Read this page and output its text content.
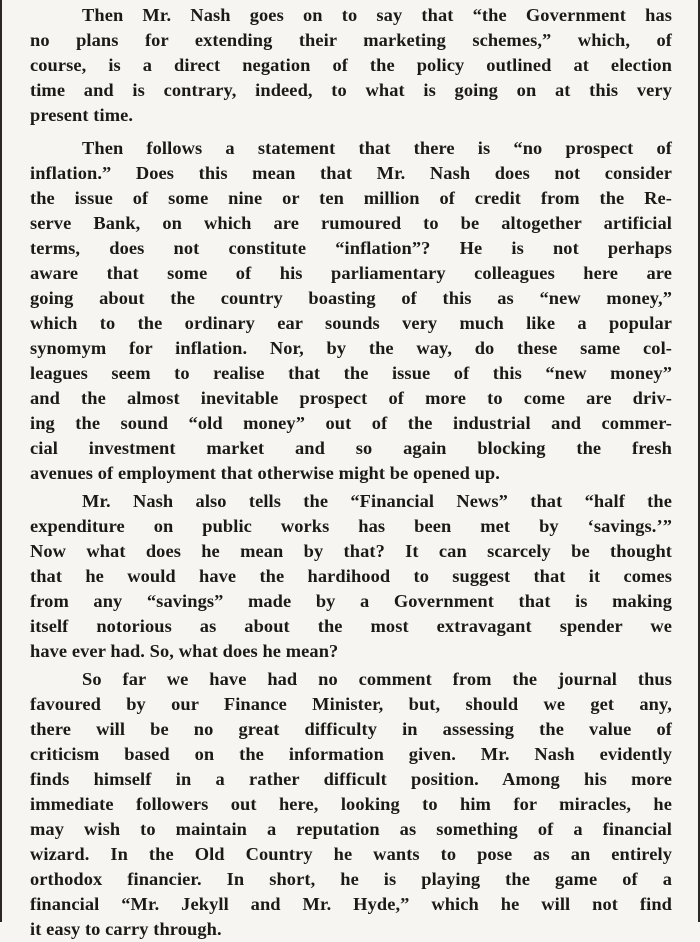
Then Mr. Nash goes on to say that “the Government has
no plans for extending their marketing schemes,” which, of
course, is a direct negation of the policy outlined at election
time and is contrary, indeed, to what is going on at this very
present time.

Then follows a statement that there is “no prospect of
inflation.” Does this mean that Mr. Nash does not consider
the issue of some nine or ten million of credit from the Re-
serve Bank, on which are rumoured to be altogether artificial
terms, does not constitute “inflation”? He is not perhaps
aware that some of his parliamentary colleagues here are
going about the country boasting of this as “new money,”
which to the ordinary ear sounds very much like a popular
synomym for inflation. Nor, by the way, do these same col-
leagues seem to realise that the issue of this “new money”
and the almost inevitable prospect of more to come are driv-
ing the sound “old money” out of the industrial and commer-
cial investment market and so again blocking the fresh
avenues of employment that otherwise might be opened up.

Mr. Nash also tells the “Financial News” that “half the
expenditure on public works has been met by ‘savings.’”
Now what does he mean by that? It can scarcely be thought
that he would have the hardihood to suggest that it comes
from any “savings” made by a Government that is making
itself notorious as about the most extravagant spender we
have ever had. So, what does he mean?

So far we have had no comment from the journal thus
favoured by our Finance Minister, but, should we get any,
there will be no great difficulty in assessing the value of
criticism based on the information given. Mr. Nash evidently
finds himself in a rather difficult position. Among his more
immediate followers out here, looking to him for miracles, he
may wish to maintain a reputation as something of a financial
wizard. In the Old Country he wants to pose as an entirely
orthodox financier. In short, he is playing the game of a
financial “Mr. Jekyll and Mr. Hyde,” which he will not find
it easy to carry through.
